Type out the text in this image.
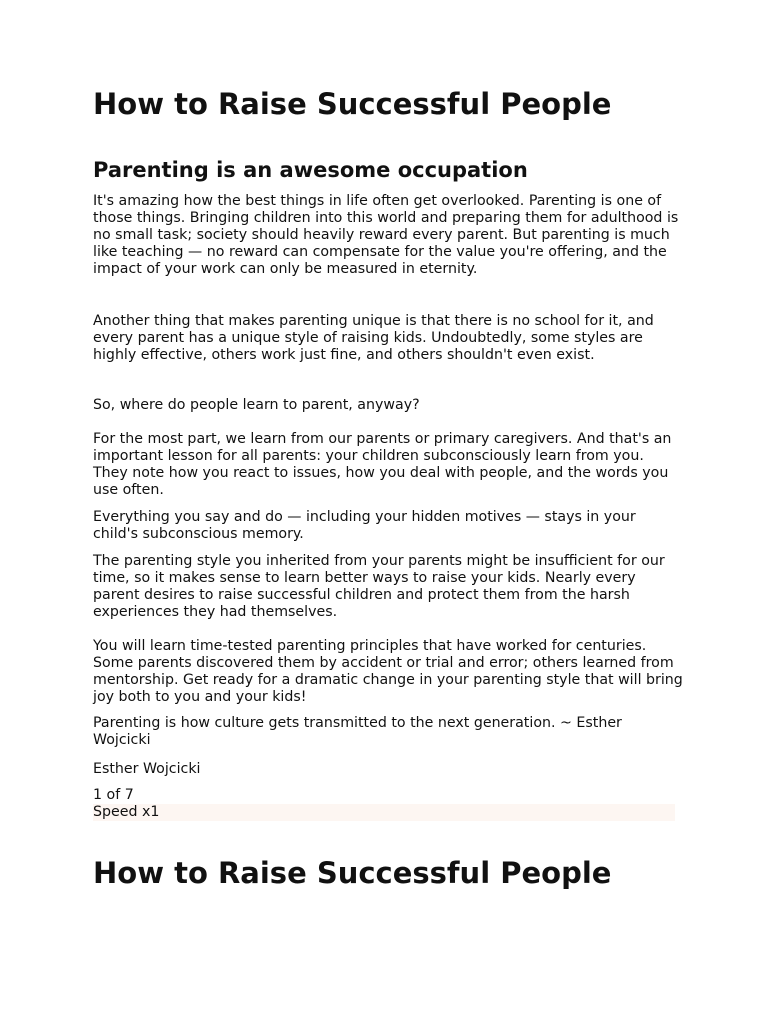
How to Raise Successful People
Parenting is an awesome occupation

It's amazing how the best things in life often get overlooked. Parenting is one of those things. Bringing children into this world and preparing them for adulthood is no small task; society should heavily reward every parent. But parenting is much like teaching — no reward can compensate for the value you're offering, and the impact of your work can only be measured in eternity.

Another thing that makes parenting unique is that there is no school for it, and every parent has a unique style of raising kids. Undoubtedly, some styles are highly effective, others work just fine, and others shouldn't even exist.

So, where do people learn to parent, anyway?

For the most part, we learn from our parents or primary caregivers. And that's an important lesson for all parents: your children subconsciously learn from you. They note how you react to issues, how you deal with people, and the words you use often.

Everything you say and do — including your hidden motives — stays in your child's subconscious memory.

The parenting style you inherited from your parents might be insufficient for our time, so it makes sense to learn better ways to raise your kids. Nearly every parent desires to raise successful children and protect them from the harsh experiences they had themselves.

You will learn time-tested parenting principles that have worked for centuries. Some parents discovered them by accident or trial and error; others learned from mentorship. Get ready for a dramatic change in your parenting style that will bring joy both to you and your kids!

Parenting is how culture gets transmitted to the next generation. ~ Esther Wojcicki

Esther Wojcicki

1 of 7
Speed x1
How to Raise Successful People
